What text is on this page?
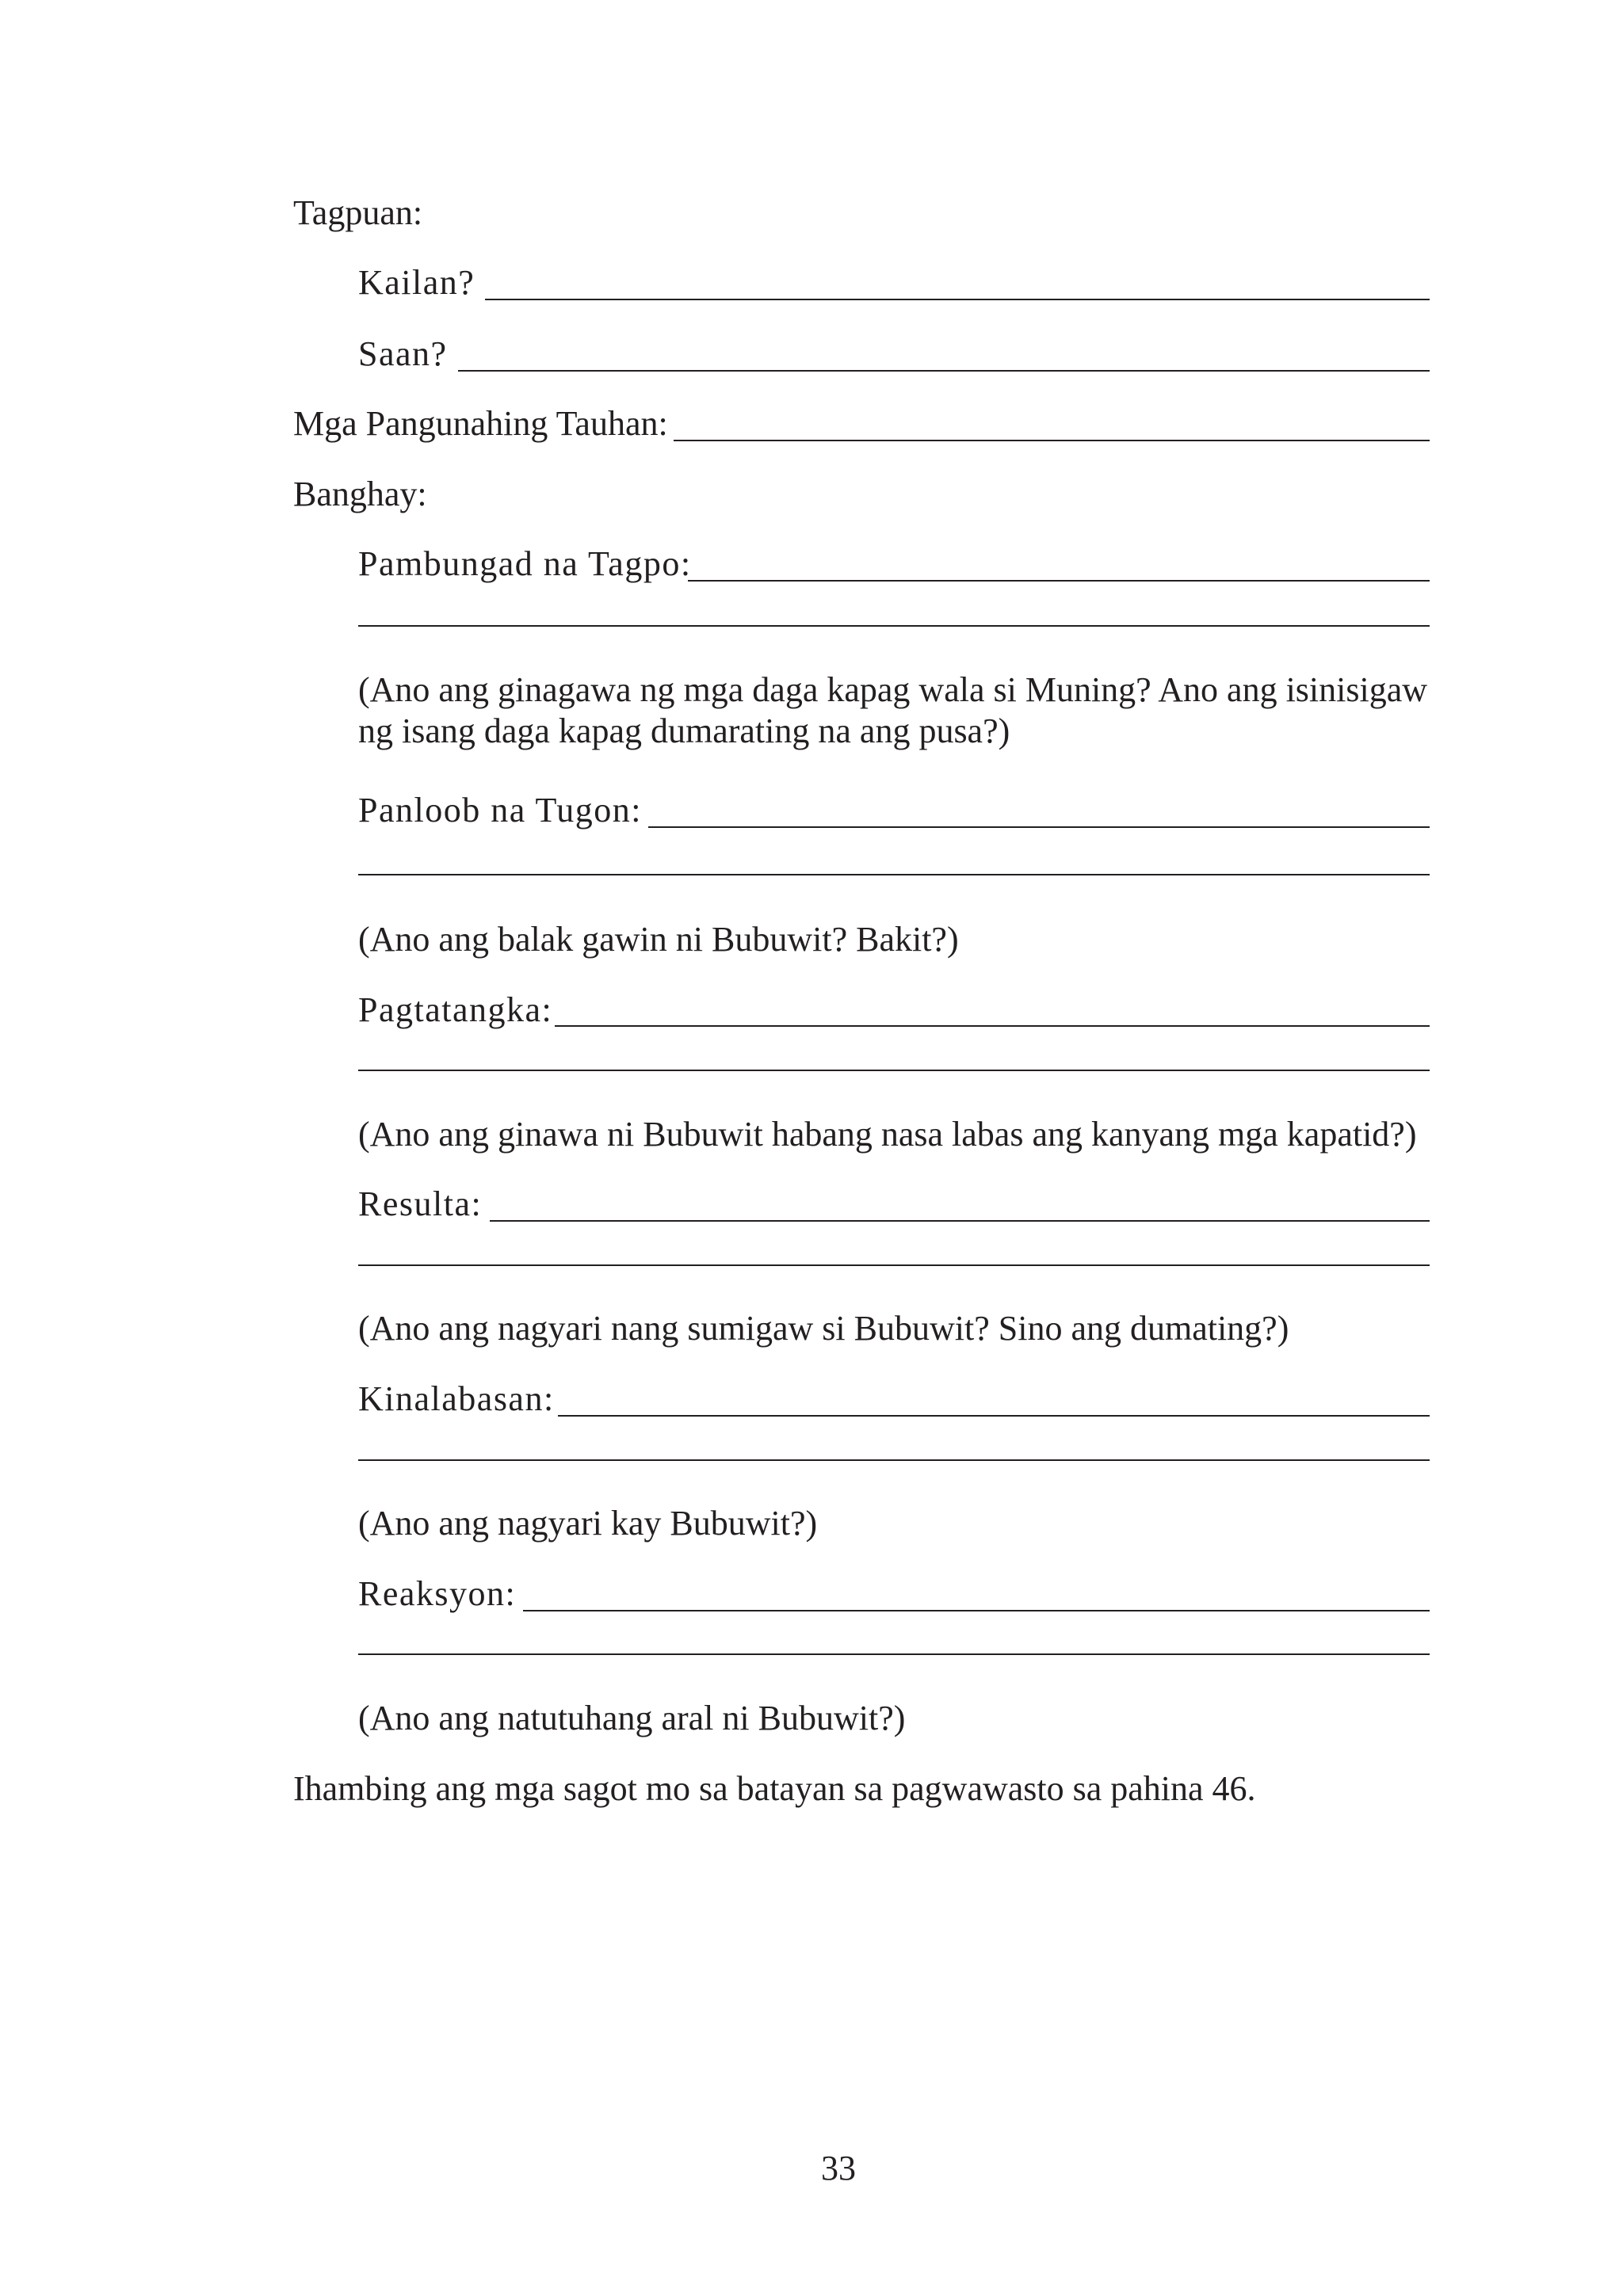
Tagpuan:
Kailan?
Saan?
Mga Pangunahing Tauhan:
Banghay:
Pambungad na Tagpo:
(Ano ang ginagawa ng mga daga kapag wala si Muning? Ano ang isinisigaw
ng isang daga kapag dumarating na ang pusa?)
Panloob na Tugon:
(Ano ang balak gawin ni Bubuwit? Bakit?)
Pagtatangka:
(Ano ang ginawa ni Bubuwit habang nasa labas ang kanyang mga kapatid?)
Resulta:
(Ano ang nagyari nang sumigaw si Bubuwit? Sino ang dumating?)
Kinalabasan:
(Ano ang nagyari kay Bubuwit?)
Reaksyon:
(Ano ang natutuhang aral ni Bubuwit?)
Ihambing ang mga sagot mo sa batayan sa pagwawasto sa pahina 46.
33
